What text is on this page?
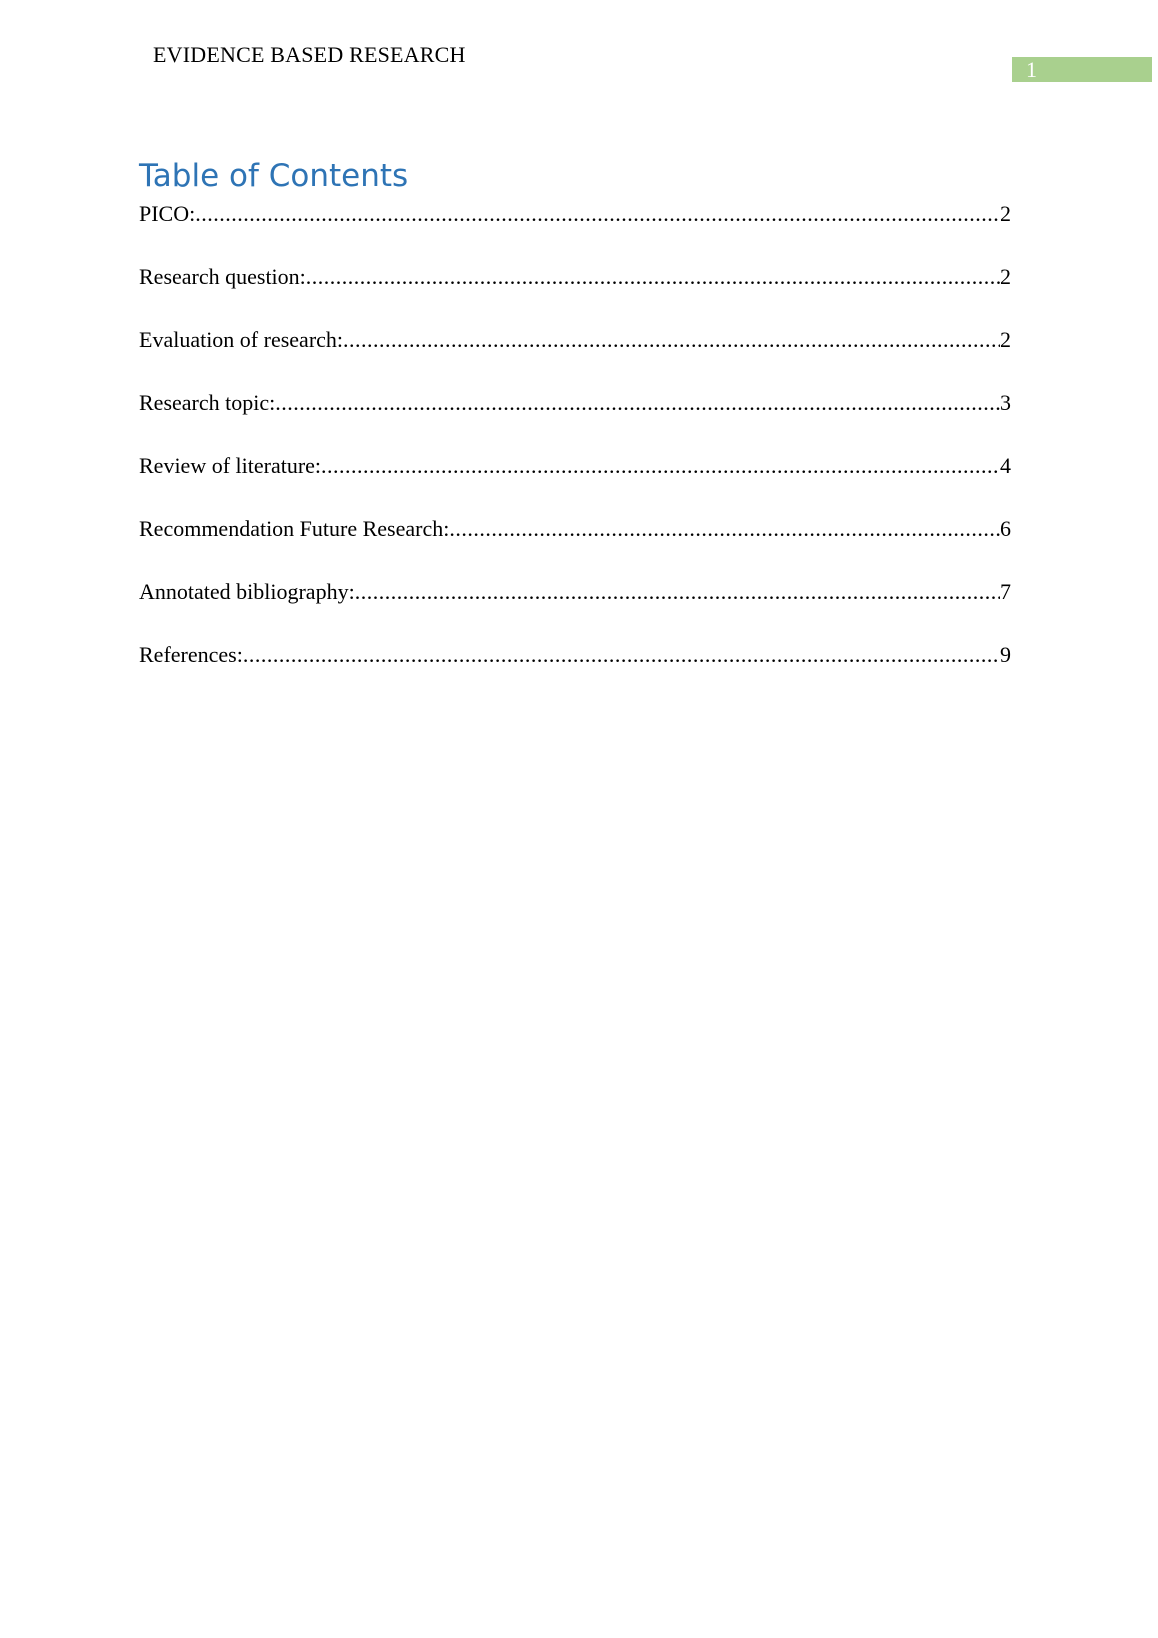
EVIDENCE BASED RESEARCH
1
Table of Contents
PICO: .....	2
Research question: .....	2
Evaluation of research: .....	2
Research topic: .....	3
Review of literature: .....	4
Recommendation Future Research: .....	6
Annotated bibliography: .....	7
References: .....	9
